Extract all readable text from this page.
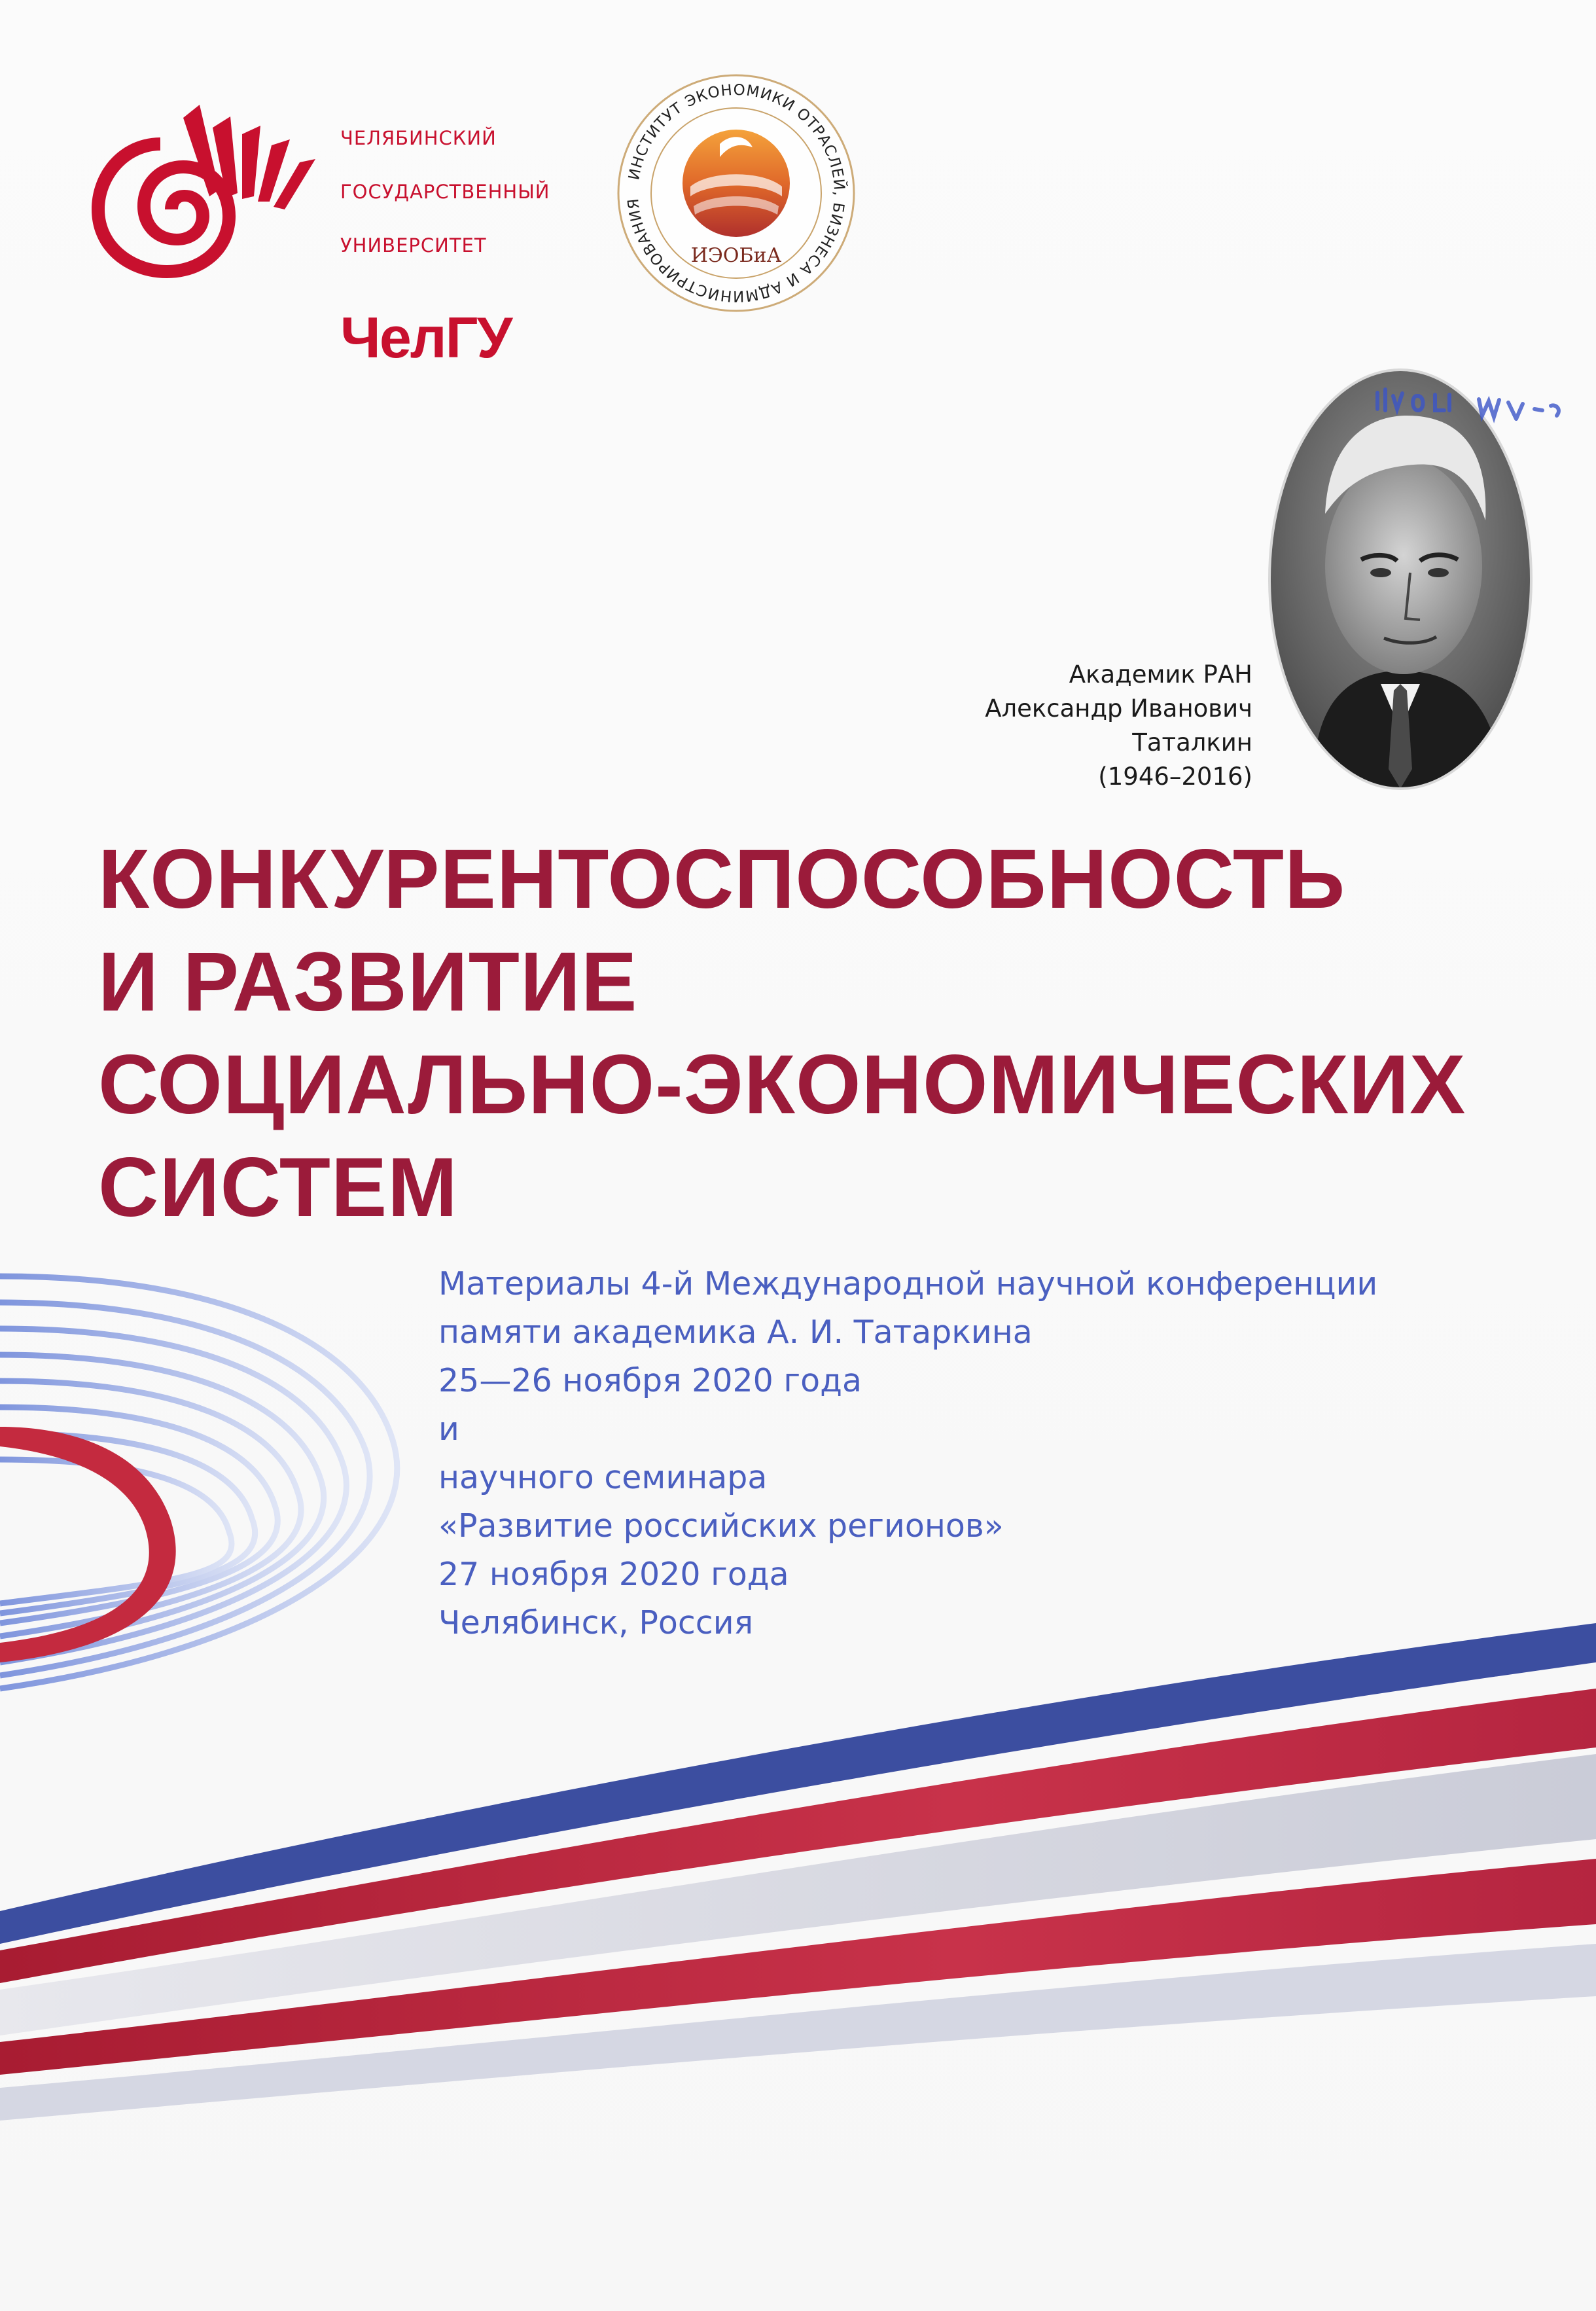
ЧЕЛЯБИНСКИЙ

ГОСУДАРСТВЕННЫЙ

УНИВЕРСИТЕТ

ЧелГУ
ИНСТИТУТ ЭКОНОМИКИ ОТРАСЛЕЙ, БИЗНЕСА И АДМИНИСТРИРОВАНИЯ
ИЭОБиА
Академик РАН
Александр Иванович
Таталкин
(1946–2016)
КОНКУРЕНТОСПОСОБНОСТЬ
И РАЗВИТИЕ
СОЦИАЛЬНО-ЭКОНОМИЧЕСКИХ
СИСТЕМ
Материалы 4-й Международной научной конференции
памяти академика А. И. Татаркина
25—26 ноября 2020 года
и
научного семинара
«Развитие российских регионов»
27 ноября 2020 года
Челябинск, Россия
